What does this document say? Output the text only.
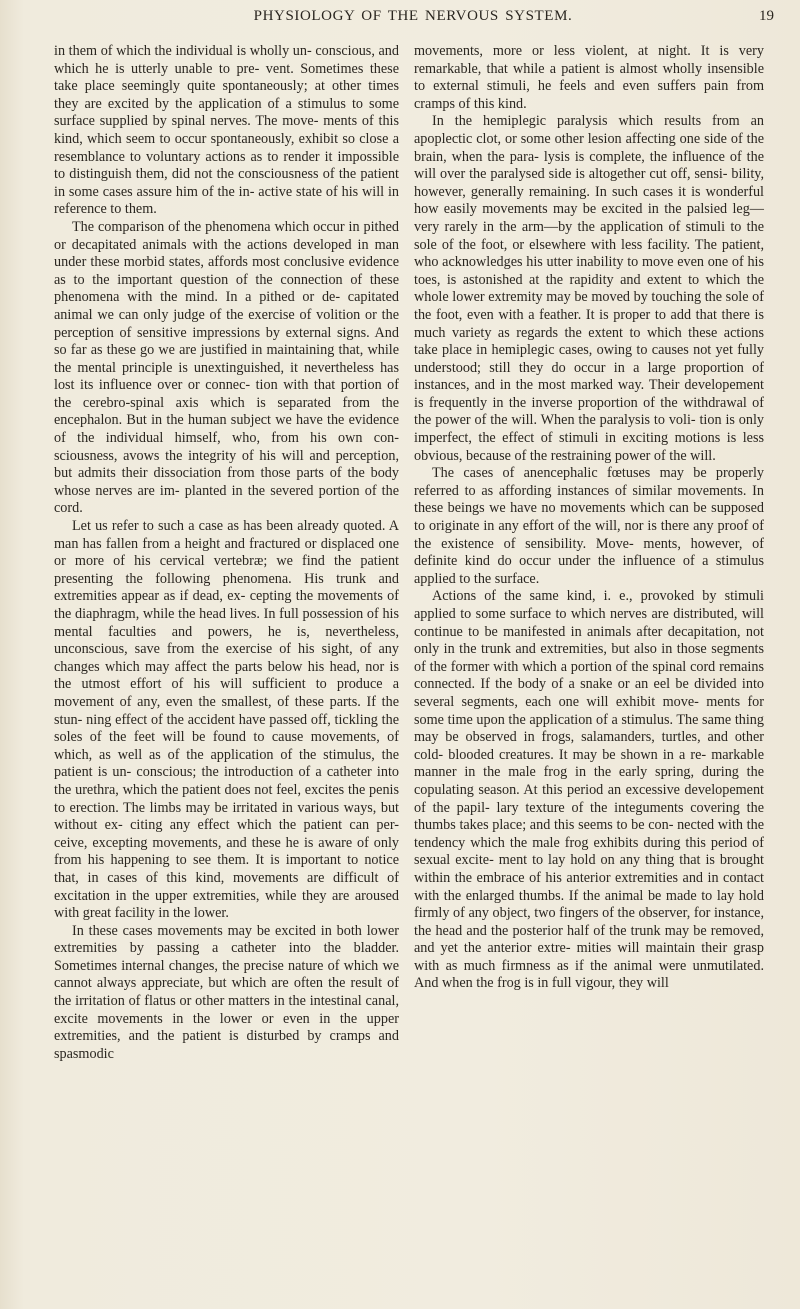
PHYSIOLOGY OF THE NERVOUS SYSTEM.	19

in them of which the individual is wholly un- conscious, and which he is utterly unable to pre- vent. Sometimes these take place seemingly quite spontaneously; at other times they are excited by the application of a stimulus to some surface supplied by spinal nerves. The move- ments of this kind, which seem to occur spontaneously, exhibit so close a resemblance to voluntary actions as to render it impossible to distinguish them, did not the consciousness of the patient in some cases assure him of the in- active state of his will in reference to them.

The comparison of the phenomena which occur in pithed or decapitated animals with the actions developed in man under these morbid states, affords most conclusive evidence as to the important question of the connection of these phenomena with the mind. In a pithed or de- capitated animal we can only judge of the exercise of volition or the perception of sensitive impressions by external signs. And so far as these go we are justified in maintaining that, while the mental principle is unextinguished, it nevertheless has lost its influence over or connec- tion with that portion of the cerebro-spinal axis which is separated from the encephalon. But in the human subject we have the evidence of the individual himself, who, from his own con- sciousness, avows the integrity of his will and perception, but admits their dissociation from those parts of the body whose nerves are im- planted in the severed portion of the cord.

Let us refer to such a case as has been already quoted. A man has fallen from a height and fractured or displaced one or more of his cervical vertebræ; we find the patient presenting the following phenomena. His trunk and extremities appear as if dead, ex- cepting the movements of the diaphragm, while the head lives. In full possession of his mental faculties and powers, he is, nevertheless, unconscious, save from the exercise of his sight, of any changes which may affect the parts below his head, nor is the utmost effort of his will sufficient to produce a movement of any, even the smallest, of these parts. If the stun- ning effect of the accident have passed off, tickling the soles of the feet will be found to cause movements, of which, as well as of the application of the stimulus, the patient is un- conscious; the introduction of a catheter into the urethra, which the patient does not feel, excites the penis to erection. The limbs may be irritated in various ways, but without ex- citing any effect which the patient can per- ceive, excepting movements, and these he is aware of only from his happening to see them. It is important to notice that, in cases of this kind, movements are difficult of excitation in the upper extremities, while they are aroused with great facility in the lower.

In these cases movements may be excited in both lower extremities by passing a catheter into the bladder. Sometimes internal changes, the precise nature of which we cannot always appreciate, but which are often the result of the irritation of flatus or other matters in the intestinal canal, excite movements in the lower or even in the upper extremities, and the patient is disturbed by cramps and spasmodic

movements, more or less violent, at night. It is very remarkable, that while a patient is almost wholly insensible to external stimuli, he feels and even suffers pain from cramps of this kind.

In the hemiplegic paralysis which results from an apoplectic clot, or some other lesion affecting one side of the brain, when the para- lysis is complete, the influence of the will over the paralysed side is altogether cut off, sensi- bility, however, generally remaining. In such cases it is wonderful how easily movements may be excited in the palsied leg—very rarely in the arm—by the application of stimuli to the sole of the foot, or elsewhere with less facility. The patient, who acknowledges his utter inability to move even one of his toes, is astonished at the rapidity and extent to which the whole lower extremity may be moved by touching the sole of the foot, even with a feather. It is proper to add that there is much variety as regards the extent to which these actions take place in hemiplegic cases, owing to causes not yet fully understood; still they do occur in a large proportion of instances, and in the most marked way. Their developement is frequently in the inverse proportion of the withdrawal of the power of the will. When the paralysis to voli- tion is only imperfect, the effect of stimuli in exciting motions is less obvious, because of the restraining power of the will.

The cases of anencephalic fœtuses may be properly referred to as affording instances of similar movements. In these beings we have no movements which can be supposed to originate in any effort of the will, nor is there any proof of the existence of sensibility. Move- ments, however, of definite kind do occur under the influence of a stimulus applied to the surface.

Actions of the same kind, i. e., provoked by stimuli applied to some surface to which nerves are distributed, will continue to be manifested in animals after decapitation, not only in the trunk and extremities, but also in those segments of the former with which a portion of the spinal cord remains connected. If the body of a snake or an eel be divided into several segments, each one will exhibit move- ments for some time upon the application of a stimulus. The same thing may be observed in frogs, salamanders, turtles, and other cold- blooded creatures. It may be shown in a re- markable manner in the male frog in the early spring, during the copulating season. At this period an excessive developement of the papil- lary texture of the integuments covering the thumbs takes place; and this seems to be con- nected with the tendency which the male frog exhibits during this period of sexual excite- ment to lay hold on any thing that is brought within the embrace of his anterior extremities and in contact with the enlarged thumbs. If the animal be made to lay hold firmly of any object, two fingers of the observer, for instance, the head and the posterior half of the trunk may be removed, and yet the anterior extre- mities will maintain their grasp with as much firmness as if the animal were unmutilated. And when the frog is in full vigour, they will
